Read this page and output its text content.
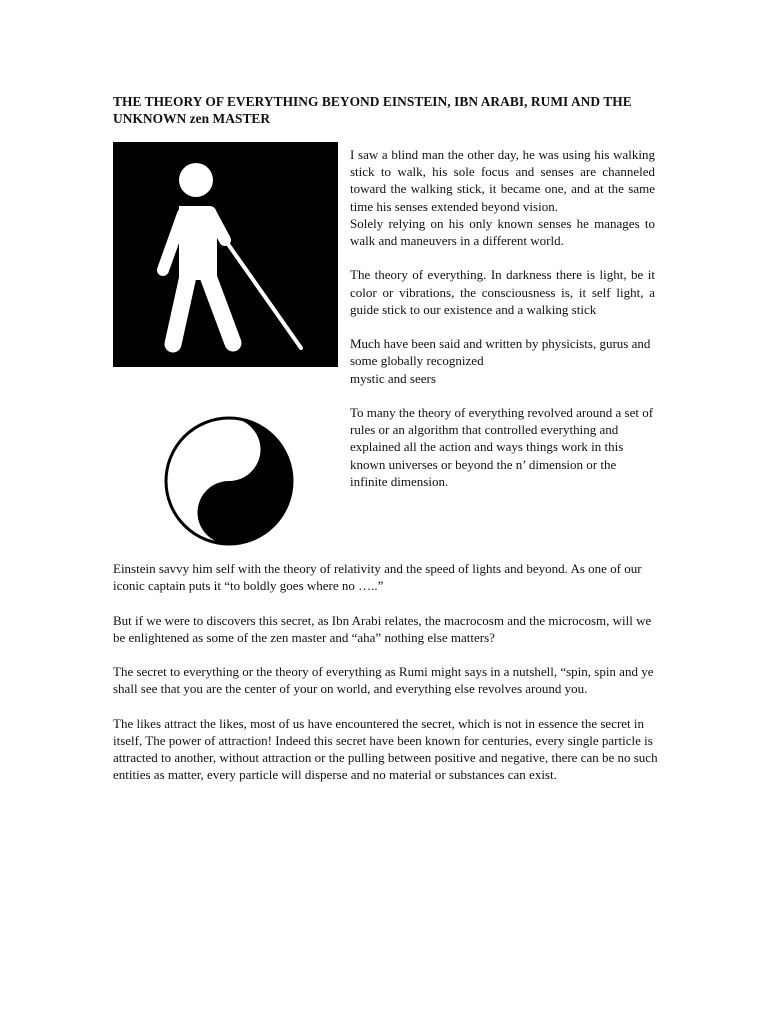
THE THEORY OF EVERYTHING BEYOND EINSTEIN, IBN ARABI, RUMI AND THE UNKNOWN zen MASTER

I saw a blind man the other day, he was using his walking stick to walk, his sole focus and senses are channeled toward the walking stick, it became one, and at the same time his senses extended beyond vision.

Solely relying on his only known senses he manages to walk and maneuvers in a different world.

The theory of everything. In darkness there is light, be it color or vibrations, the consciousness is, it self light, a guide stick to our existence and a walking stick

Much have been said and written by physicists, gurus and some globally recognized

mystic and seers

To many the theory of everything revolved around a set of rules or an algorithm that controlled everything and explained all the action and ways things work in this known universes or beyond the n’ dimension or the infinite dimension.

Einstein savvy him self with the theory of relativity and the speed of lights and beyond. As one of our iconic captain puts it “to boldly goes where no …..”

But if we were to discovers this secret, as Ibn Arabi relates, the macrocosm and the microcosm, will we be enlightened as some of the zen master and “aha” nothing else matters?

The secret to everything or the theory of everything as Rumi might says in a nutshell, “spin, spin and ye shall see that you are the center of your on world, and everything else revolves around you.

The likes attract the likes, most of us have encountered the secret, which is not in essence the secret in itself, The power of attraction! Indeed this secret have been known for centuries, every single particle is attracted to another, without attraction or the pulling between positive and negative, there can be no such entities as matter, every particle will disperse and no material or substances can exist.
